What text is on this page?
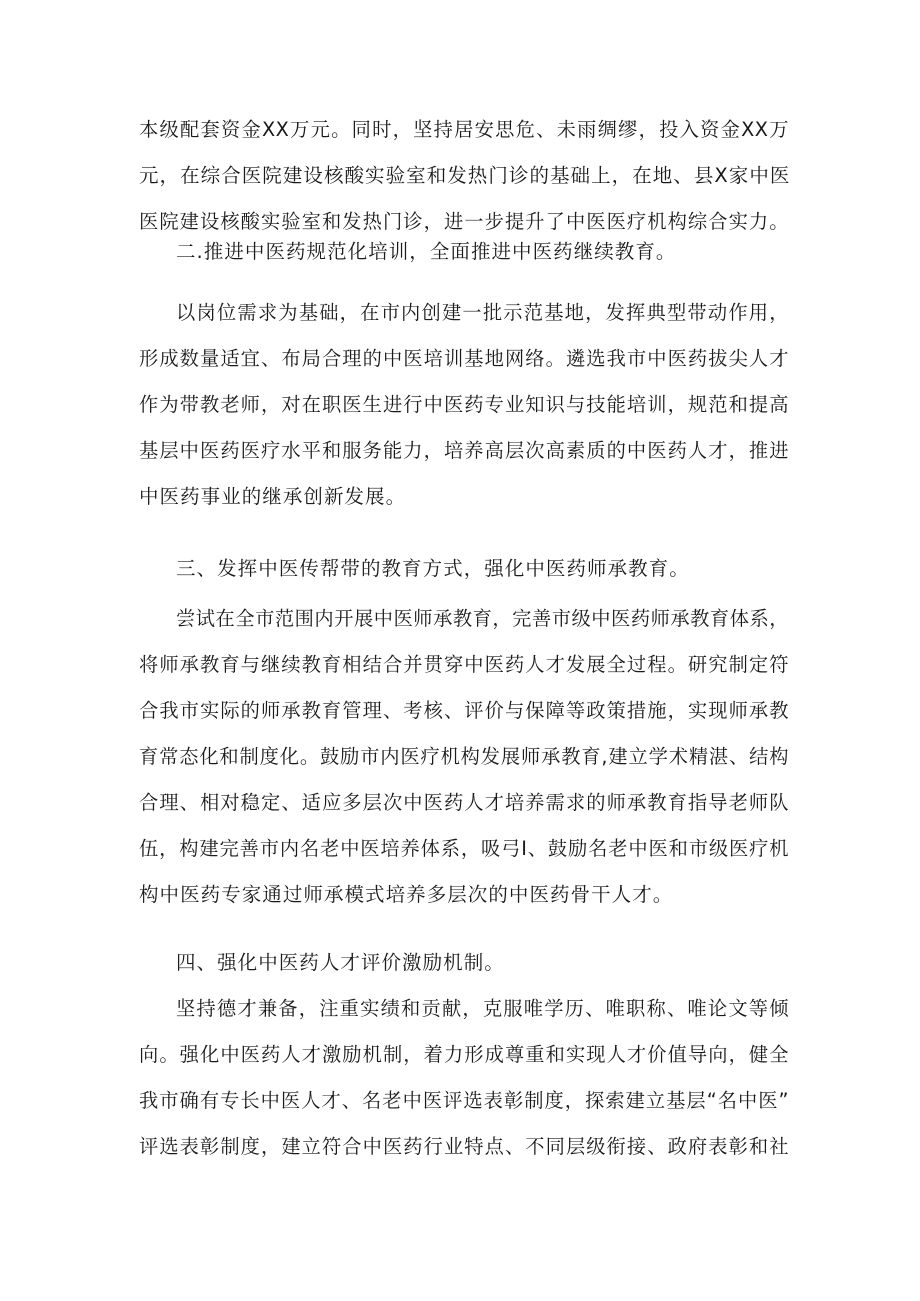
本级配套资金XX万元。同时，坚持居安思危、未雨绸缪，投入资金XX万
元，在综合医院建设核酸实验室和发热门诊的基础上，在地、县X家中医
医院建设核酸实验室和发热门诊，进一步提升了中医医疗机构综合实力。
二.推进中医药规范化培训，全面推进中医药继续教育。
以岗位需求为基础，在市内创建一批示范基地，发挥典型带动作用，
形成数量适宜、布局合理的中医培训基地网络。遴选我市中医药拔尖人才
作为带教老师，对在职医生进行中医药专业知识与技能培训，规范和提高
基层中医药医疗水平和服务能力，培养高层次高素质的中医药人才，推进
中医药事业的继承创新发展。
三、发挥中医传帮带的教育方式，强化中医药师承教育。
尝试在全市范围内开展中医师承教育，完善市级中医药师承教育体系，
将师承教育与继续教育相结合并贯穿中医药人才发展全过程。研究制定符
合我市实际的师承教育管理、考核、评价与保障等政策措施，实现师承教
育常态化和制度化。鼓励市内医疗机构发展师承教育,建立学术精湛、结构
合理、相对稳定、适应多层次中医药人才培养需求的师承教育指导老师队
伍，构建完善市内名老中医培养体系，吸弓I、鼓励名老中医和市级医疗机
构中医药专家通过师承模式培养多层次的中医药骨干人才。
四、强化中医药人才评价激励机制。
坚持德才兼备，注重实绩和贡献，克服唯学历、唯职称、唯论文等倾
向。强化中医药人才激励机制，着力形成尊重和实现人才价值导向，健全
我市确有专长中医人才、名老中医评选表彰制度，探索建立基层“名中医”
评选表彰制度，建立符合中医药行业特点、不同层级衔接、政府表彰和社
